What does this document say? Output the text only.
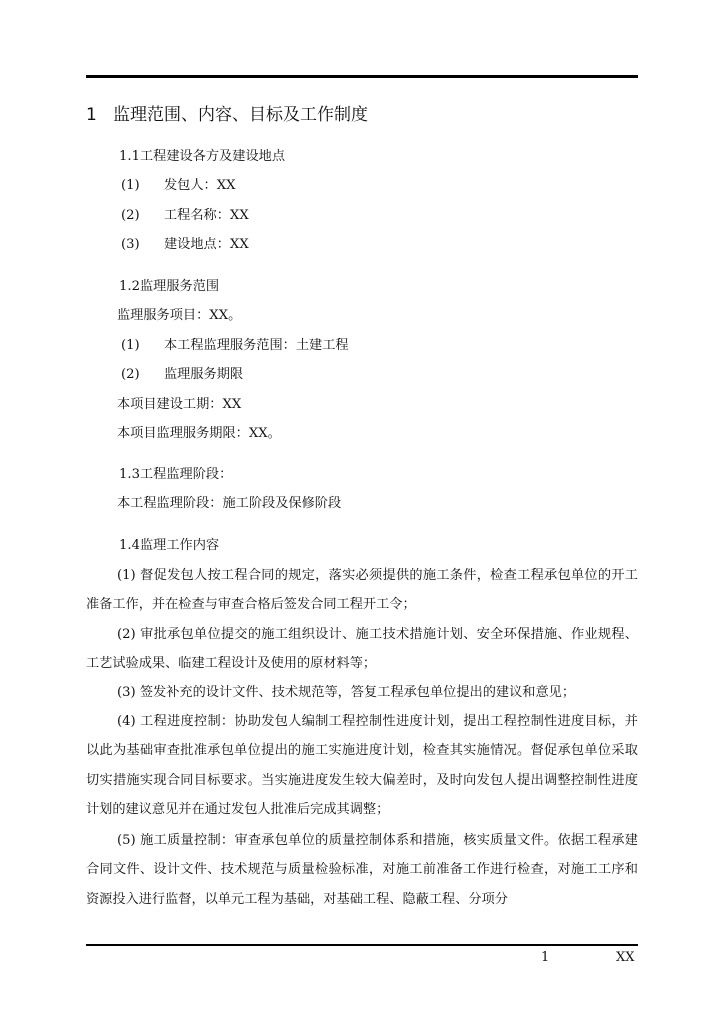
1 监理范围、内容、目标及工作制度
1.1工程建设各方及建设地点
(1) 发包人：XX
(2) 工程名称：XX
(3) 建设地点：XX
1.2监理服务范围
监理服务项目：XX。
(1) 本工程监理服务范围：土建工程
(2) 监理服务期限
本项目建设工期：XX
本项目监理服务期限：XX。
1.3工程监理阶段：
本工程监理阶段：施工阶段及保修阶段
1.4监理工作内容

(1) 督促发包人按工程合同的规定，落实必须提供的施工条件，检查工程承包单位的开工准备工作，并在检查与审查合格后签发合同工程开工令；

(2) 审批承包单位提交的施工组织设计、施工技术措施计划、安全环保措施、作业规程、工艺试验成果、临建工程设计及使用的原材料等；

(3) 签发补充的设计文件、技术规范等，答复工程承包单位提出的建议和意见；

(4) 工程进度控制：协助发包人编制工程控制性进度计划，提出工程控制性进度目标，并以此为基础审查批准承包单位提出的施工实施进度计划，检查其实施情况。督促承包单位采取切实措施实现合同目标要求。当实施进度发生较大偏差时，及时向发包人提出调整控制性进度计划的建议意见并在通过发包人批准后完成其调整；

(5) 施工质量控制：审查承包单位的质量控制体系和措施，核实质量文件。依据工程承建合同文件、设计文件、技术规范与质量检验标准，对施工前准备工作进行检查，对施工工序和资源投入进行监督，以单元工程为基础，对基础工程、隐蔽工程、分项分

1	XX
